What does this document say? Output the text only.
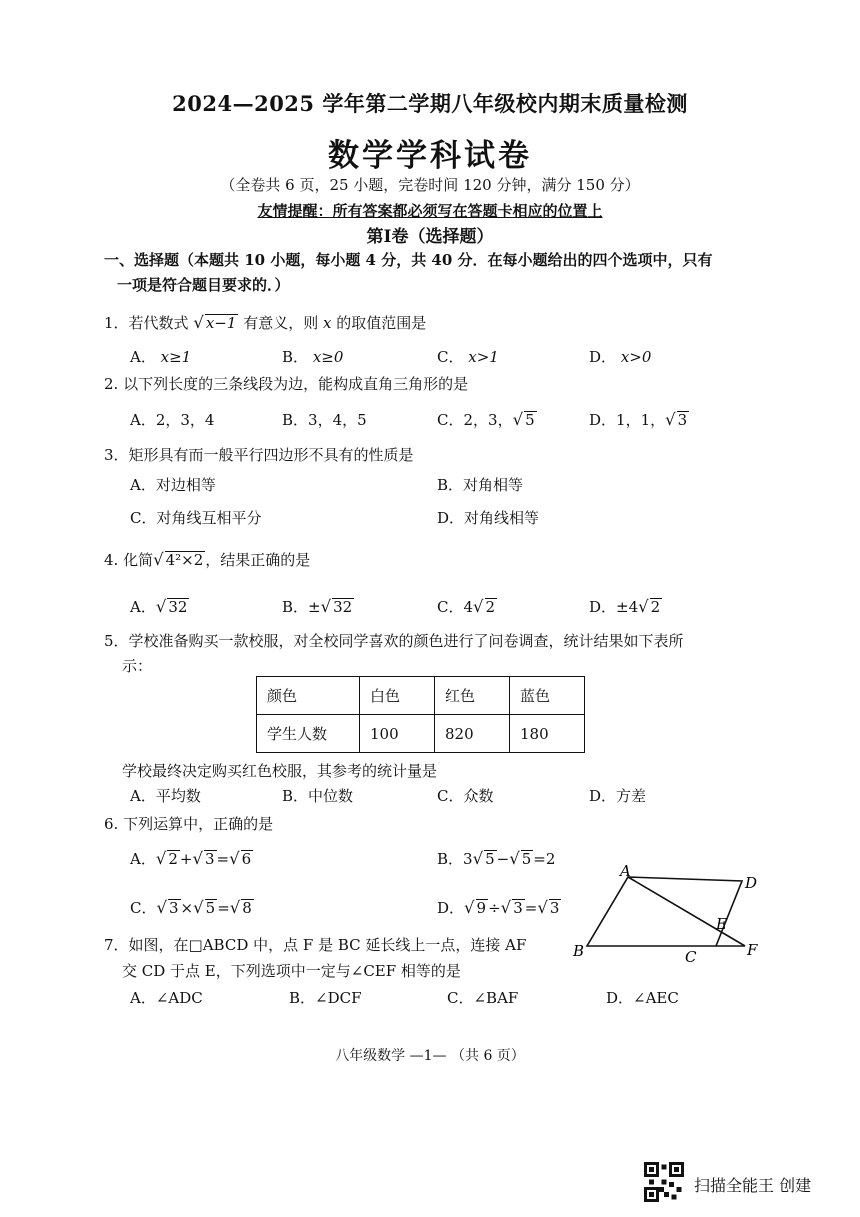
2024—2025 学年第二学期八年级校内期末质量检测
数学学科试卷
（全卷共 6 页，25 小题，完卷时间 120 分钟，满分 150 分）
友情提醒：所有答案都必须写在答题卡相应的位置上
第Ⅰ卷（选择题）
一、选择题（本题共 10 小题，每小题 4 分，共 40 分．在每小题给出的四个选项中，只有
一项是符合题目要求的．）
1．若代数式 √ x−1 有意义，则 x 的取值范围是
A． x≥1	B． x≥0	C． x>1	D． x>0
2. 以下列长度的三条线段为边，能构成直角三角形的是
A．2，3，4	B．3，4，5	C．2，3，√ 5	D．1，1，√ 3
3．矩形具有而一般平行四边形不具有的性质是
A．对边相等	B．对角相等
C．对角线互相平分	D．对角线相等
4. 化简√ 4²×2 ，结果正确的是
A．√ 32	B．±√ 32	C．4√ 2	D．±4√ 2
5．学校准备购买一款校服，对全校同学喜欢的颜色进行了问卷调查，统计结果如下表所
示：
颜色	白色	红色	蓝色
学生人数	100	820	180
学校最终决定购买红色校服，其参考的统计量是
A．平均数	B．中位数	C．众数	D．方差
6. 下列运算中，正确的是
A．√ 2 +√ 3 =√ 6	B．3√ 5 −√ 5 =2
C．√ 3 ×√ 5 =√ 8	D．√ 9 ÷√ 3 =√ 3
A
D
E
B	C	F
7．如图，在□ABCD 中，点 F 是 BC 延长线上一点，连接 AF
交 CD 于点 E，下列选项中一定与∠CEF 相等的是
A．∠ADC	B．∠DCF	C．∠BAF	D．∠AEC
八年级数学 —1— （共 6 页）
扫描全能王 创建
